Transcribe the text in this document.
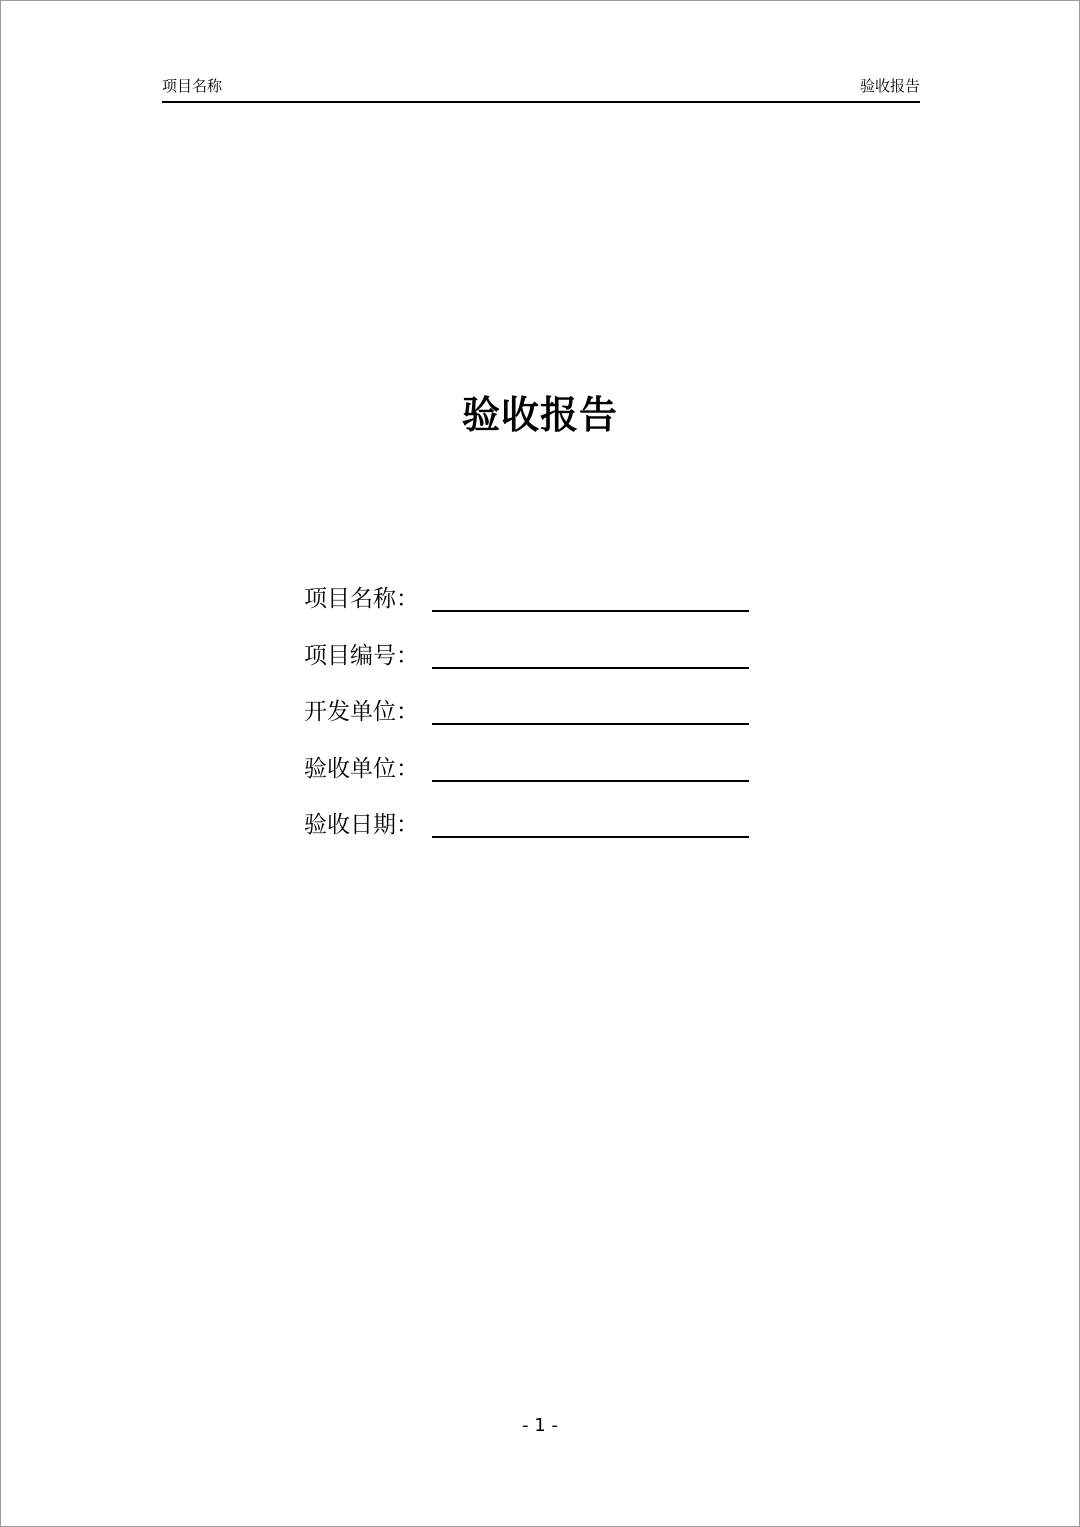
项目名称	验收报告
验收报告
项目名称：
项目编号：
开发单位：
验收单位：
验收日期：
- 1 -
